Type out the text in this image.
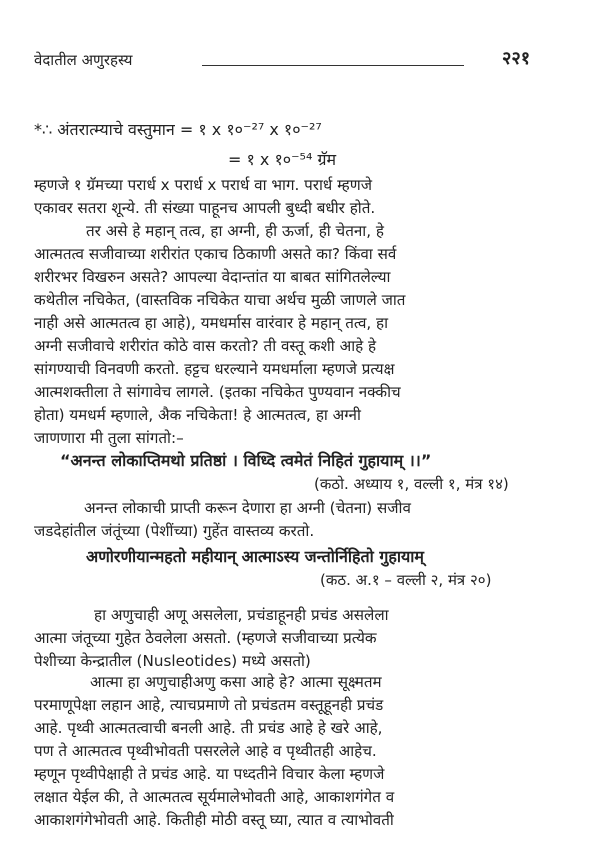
वेदातील अणुरहस्य	२२१
*∴ अंतरात्म्याचे वस्तुमान = १ x १०⁻²⁷ x १०⁻²⁷
= १ x १०⁻⁵⁴ ग्रॅम
म्हणजे १ ग्रॅमच्या परार्ध x परार्ध x परार्ध वा भाग. परार्ध म्हणजे
एकावर सतरा शून्ये. ती संख्या पाहूनच आपली बुध्दी बधीर होते.
तर असे हे महान् तत्व, हा अग्नी, ही ऊर्जा, ही चेतना, हे
आत्मतत्व सजीवाच्या शरीरांत एकाच ठिकाणी असते का? किंवा सर्व
शरीरभर विखरुन असते? आपल्या वेदान्तांत या बाबत सांगितलेल्या
कथेतील नचिकेत, (वास्तविक नचिकेत याचा अर्थच मुळी जाणले जात
नाही असे आत्मतत्व हा आहे), यमधर्मास वारंवार हे महान् तत्व, हा
अग्नी सजीवाचे शरीरांत कोठे वास करतो? ती वस्तू कशी आहे हे
सांगण्याची विनवणी करतो. हट्टच धरल्याने यमधर्माला म्हणजे प्रत्यक्ष
आत्मशक्तीला ते सांगावेच लागले. (इतका नचिकेत पुण्यवान नक्कीच
होता) यमधर्म म्हणाले, अैक नचिकेता! हे आत्मतत्व, हा अग्नी
जाणणारा मी तुला सांगतो:–
“अनन्त लोकाप्तिमथो प्रतिष्ठां । विध्दि त्वमेतं निहितं गुहायाम् ।।”
(कठो. अध्याय १, वल्ली १, मंत्र १४)
अनन्त लोकाची प्राप्ती करून देणारा हा अग्नी (चेतना) सजीव
जडदेहांतील जंतूंच्या (पेशींच्या) गुहेंत वास्तव्य करतो.
अणोरणीयान्महतो महीयान् आत्माऽस्य जन्तोर्निहितो गुहायाम्
(कठ. अ.१ – वल्ली २, मंत्र २०)
हा अणुचाही अणू असलेला, प्रचंडाहूनही प्रचंड असलेला
आत्मा जंतूच्या गुहेत ठेवलेला असतो. (म्हणजे सजीवाच्या प्रत्येक
पेशीच्या केन्द्रातील (Nusleotides) मध्ये असतो)
आत्मा हा अणुचाहीअणु कसा आहे हे? आत्मा सूक्ष्मतम
परमाणूपेक्षा लहान आहे, त्याचप्रमाणे तो प्रचंडतम वस्तूहूनही प्रचंड
आहे. पृथ्वी आत्मतत्वाची बनली आहे. ती प्रचंड आहे हे खरे आहे,
पण ते आत्मतत्व पृथ्वीभोवती पसरलेले आहे व पृथ्वीतही आहेच.
म्हणून पृथ्वीपेक्षाही ते प्रचंड आहे. या पध्दतीने विचार केला म्हणजे
लक्षात येईल की, ते आत्मतत्व सूर्यमालेभोवती आहे, आकाशगंगेत व
आकाशगंगेभोवती आहे. कितीही मोठी वस्तू घ्या, त्यात व त्याभोवती
